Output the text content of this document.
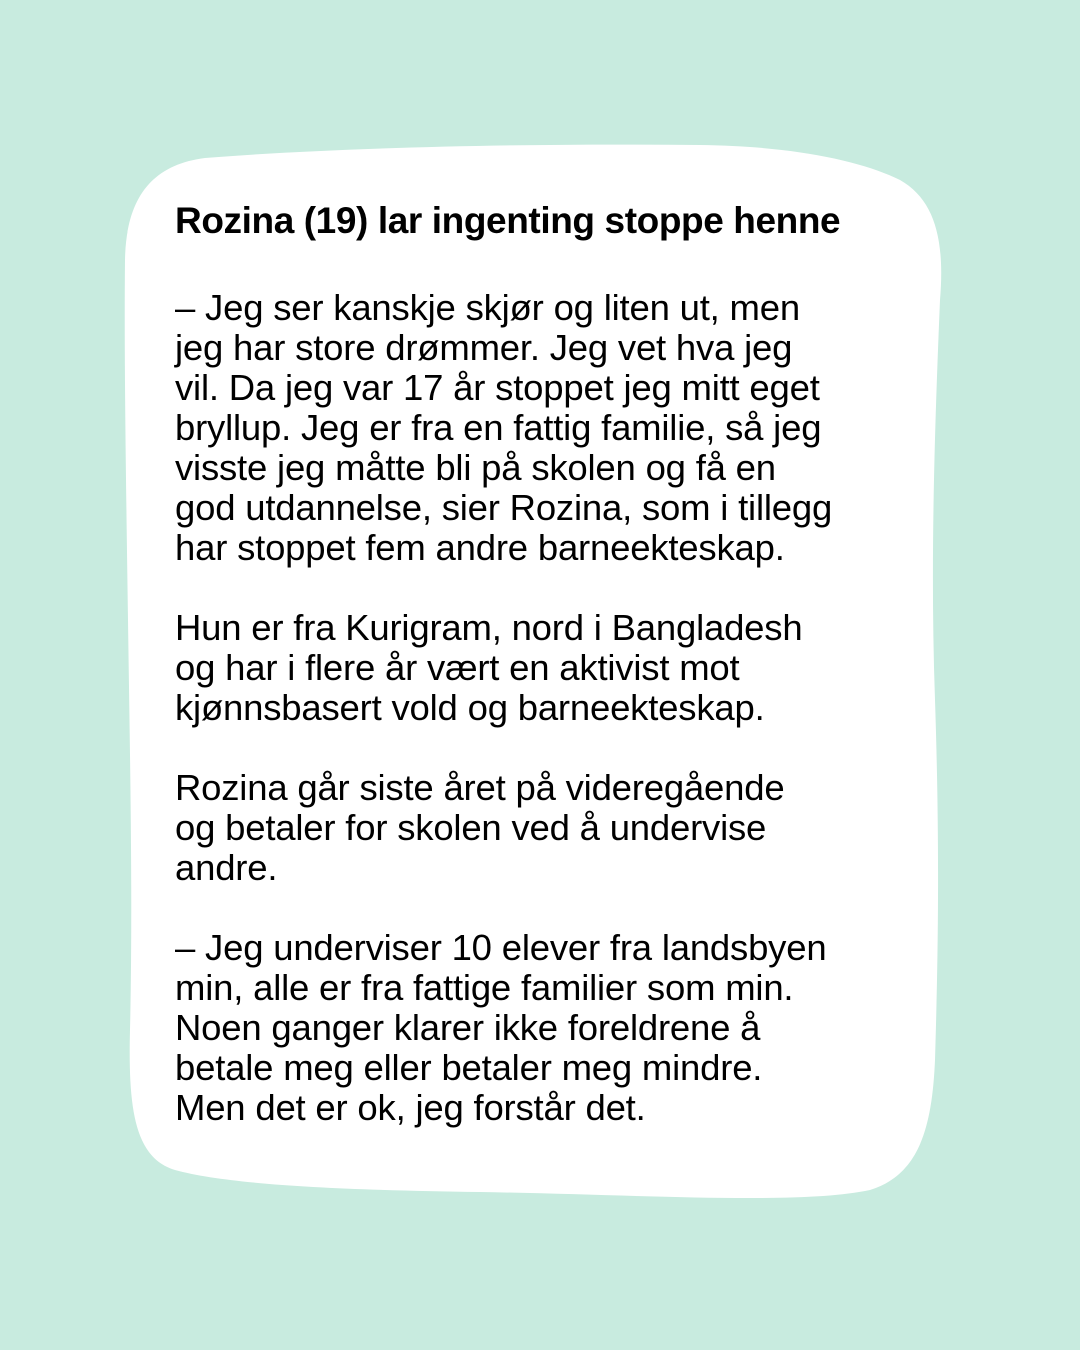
Rozina (19) lar ingenting stoppe henne
– Jeg ser kanskje skjør og liten ut, men
jeg har store drømmer. Jeg vet hva jeg
vil. Da jeg var 17 år stoppet jeg mitt eget
bryllup. Jeg er fra en fattig familie, så jeg
visste jeg måtte bli på skolen og få en
god utdannelse, sier Rozina, som i tillegg
har stoppet fem andre barneekteskap.
Hun er fra Kurigram, nord i Bangladesh
og har i flere år vært en aktivist mot
kjønnsbasert vold og barneekteskap.
Rozina går siste året på videregående
og betaler for skolen ved å undervise
andre.
– Jeg underviser 10 elever fra landsbyen
min, alle er fra fattige familier som min.
Noen ganger klarer ikke foreldrene å
betale meg eller betaler meg mindre.
Men det er ok, jeg forstår det.
